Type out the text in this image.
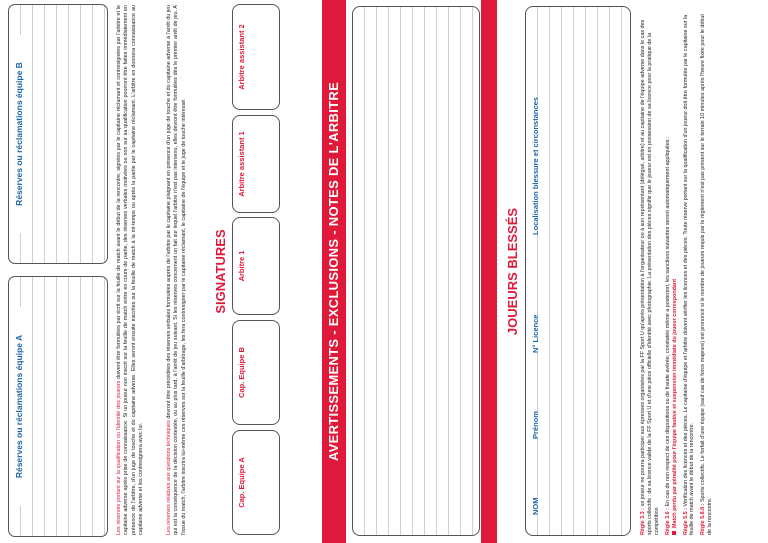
Réserves ou réclamations équipe A
Réserves ou réclamations équipe B
Les réserves portant sur la qualification ou l'identité des joueurs doivent être formulées par écrit sur la feuille de match avant le début de la rencontre, signées par le capitaine réclamant et contresignées par l'arbitre et le capitaine adverse après prise de connaissance. Si un joueur non inscrit sur la feuille de match entre en cours de partie, des réserves verbales motivées ou non sur sa qualification pourront être faites immédiatement en présence de l'arbitre, d'un juge de touche et du capitaine adverse. Elles seront ensuite inscrites sur la feuille de match à la mi-temps ou après la partie par le capitaine réclamant. L'arbitre en donnera connaissance au capitaine adverse et les contresignera avec lui.	Les réserves relatives aux questions techniques devront être précédées des réserves verbales formulées auprès de l'arbitre par le capitaine plaignant en présence d'un juge de touche et du capitaine adverse à l'arrêt du jeu qui est la conséquence de la décision contestée, ou au plus tard, à l'arrêt de jeu suivant. Si les réserves concernent un fait sur lequel l'arbitre n'est pas intervenu, elles devront être formulées dès le premier arrêt de jeu. A l'issue du match, l'arbitre inscrira lui-même ces réserves sur la feuille d'arbitrage, les fera contresigner par le capitaine réclamant, le capitaine de l'équipe et le juge de touche intéressé. SIGNATURES
Cap. Equipe A
Cap. Equipe B
Arbitre 1
Arbitre assistant 1
Arbitre assistant 2
AVERTISSEMENTS - EXCLUSIONS - NOTES DE L'ARBITRE	JOUEURS BLESSÉS
NOM
Prénom
N° Licence
Localisation blessure et circonstances
Règle 3.3 : un joueur ne pourra participer aux épreuves organisées par la FF Sport U qu'après présentation à l'organisateur ou à son représentant (délégué, arbitre) et au capitaine de l'équipe adverse dans le cas des sports collectifs : de sa licence valide de la FF Sport U et d'une pièce officielle d'identité avec photographie. La présentation des pièces signifie que le joueur est en possession de sa licence pour la pratique de la compétition Règle 3.6 : En cas de non respect de ces dispositions ou de fraude avérée, constatée même a posteriori, les sanctions suivantes seront automatiquement appliquées :
Match perdu par pénalité pour l'équipe fautive et suspension immédiate du joueur correspondant Règle 5.5 : Vérification des licences et des pièces. Le capitaine d'équipe et l'arbitre doivent vérifier les licences et des pièces. Toute réserve portant sur la qualification d'un joueur doit être formulée par le capitaine sur la feuille de match avant le début de la rencontre. Règle 5.8.8 : Sports collectifs. Le forfait d'une équipe (sauf cas de force majeure) est prononcé si le nombre de joueurs requis par le règlement n'est pas présent sur le terrain 10 minutes après l'heure fixée pour le début de la rencontre.
